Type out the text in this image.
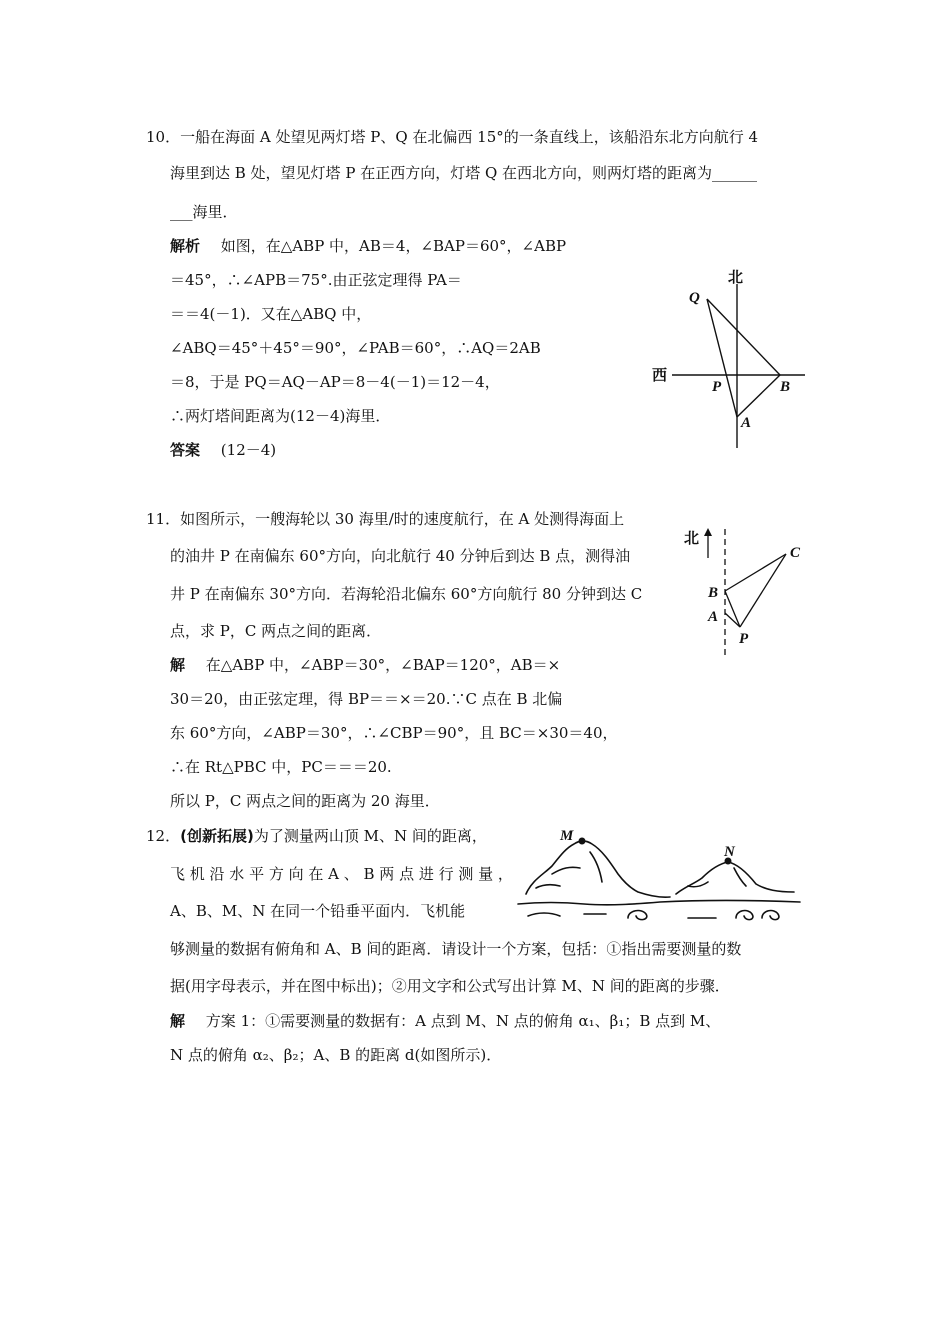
10．一船在海面 A 处望见两灯塔 P、Q 在北偏西 15°的一条直线上，该船沿东北方向航行 4
海里到达 B 处，望见灯塔 P 在正西方向，灯塔 Q 在西北方向，则两灯塔的距离为______
___海里．
解析 如图，在△ABP 中，AB＝4，∠BAP＝60°，∠ABP
＝45°，∴∠APB＝75°.由正弦定理得 PA＝
＝＝4(－1)．又在△ABQ 中，
∠ABQ＝45°＋45°＝90°，∠PAB＝60°，∴AQ＝2AB
＝8，于是 PQ＝AQ－AP＝8－4(－1)＝12－4，
∴两灯塔间距离为(12－4)海里．
答案 (12－4)
北
西
Q
P	B
A
11．如图所示，一艘海轮以 30 海里/时的速度航行，在 A 处测得海面上
的油井 P 在南偏东 60°方向，向北航行 40 分钟后到达 B 点，测得油
井 P 在南偏东 30°方向．若海轮沿北偏东 60°方向航行 80 分钟到达 C
点，求 P，C 两点之间的距离．
解 在△ABP 中，∠ABP＝30°，∠BAP＝120°，AB＝×
30＝20，由正弦定理，得 BP＝＝×＝20.∵C 点在 B 北偏
东 60°方向，∠ABP＝30°，∴∠CBP＝90°，且 BC＝×30＝40，
∴在 Rt△PBC 中，PC＝＝＝20.
所以 P，C 两点之间的距离为 20 海里．
北
C
B
A
P
12．(创新拓展)为了测量两山顶 M、N 间的距离，
飞 机 沿 水 平 方 向 在 A 、 B 两 点 进 行 测 量 ，
A、B、M、N 在同一个铅垂平面内．飞机能
够测量的数据有俯角和 A、B 间的距离．请设计一个方案，包括：①指出需要测量的数
据(用字母表示，并在图中标出)；②用文字和公式写出计算 M、N 间的距离的步骤．
解 方案 1：①需要测量的数据有：A 点到 M、N 点的俯角 α₁、β₁；B 点到 M、
N 点的俯角 α₂、β₂；A、B 的距离 d(如图所示)．
M
N
